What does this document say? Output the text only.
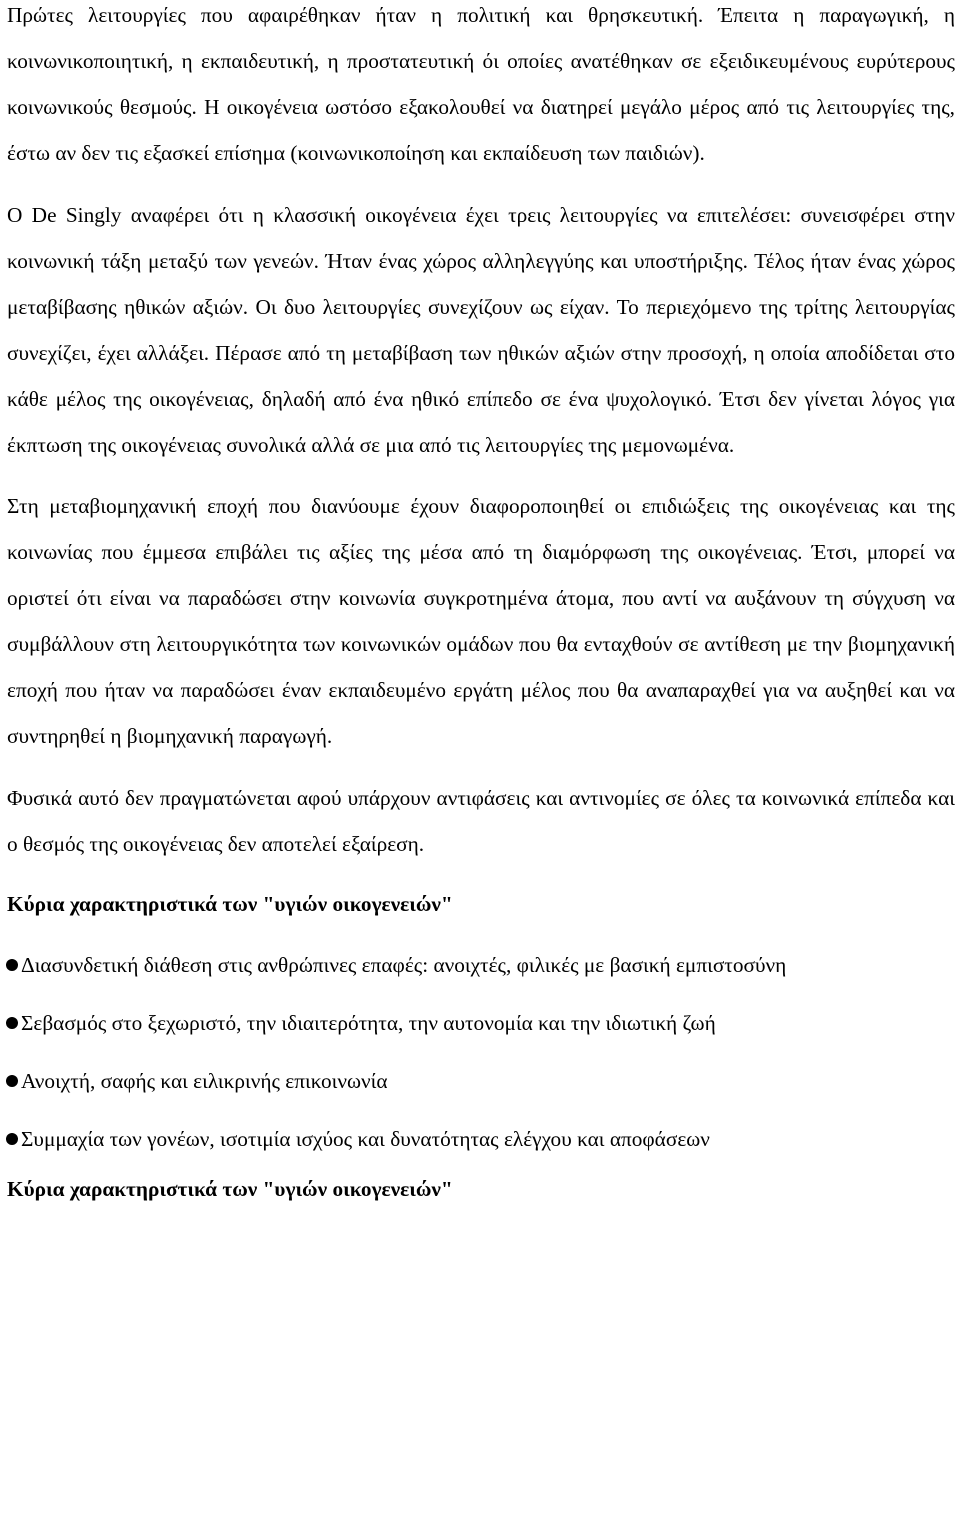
Πρώτες λειτουργίες που αφαιρέθηκαν ήταν η πολιτική και θρησκευτική. Έπειτα η παραγωγική, η κοινωνικοποιητική, η εκπαιδευτική, η προστατευτική όι οποίες ανατέθηκαν σε εξειδικευμένους ευρύτερους κοινωνικούς θεσμούς. Η οικογένεια ωστόσο εξακολουθεί να διατηρεί μεγάλο μέρος από τις λειτουργίες της, έστω αν δεν τις εξασκεί επίσημα (κοινωνικοποίηση και εκπαίδευση των παιδιών).

Ο De Singly αναφέρει ότι η κλασσική οικογένεια έχει τρεις λειτουργίες να επιτελέσει: συνεισφέρει στην κοινωνική τάξη μεταξύ των γενεών. Ήταν ένας χώρος αλληλεγγύης και υποστήριξης. Τέλος ήταν ένας χώρος μεταβίβασης ηθικών αξιών. Οι δυο λειτουργίες συνεχίζουν ως είχαν. Το περιεχόμενο της τρίτης λειτουργίας συνεχίζει, έχει αλλάξει. Πέρασε από τη μεταβίβαση των ηθικών αξιών στην προσοχή, η οποία αποδίδεται στο κάθε μέλος της οικογένειας, δηλαδή από ένα ηθικό επίπεδο σε ένα ψυχολογικό. Έτσι δεν γίνεται λόγος για έκπτωση της οικογένειας συνολικά αλλά σε μια από τις λειτουργίες της μεμονωμένα.

Στη μεταβιομηχανική εποχή που διανύουμε έχουν διαφοροποιηθεί οι επιδιώξεις της οικογένειας και της κοινωνίας που έμμεσα επιβάλει τις αξίες της μέσα από τη διαμόρφωση της οικογένειας. Έτσι, μπορεί να οριστεί ότι είναι να παραδώσει στην κοινωνία συγκροτημένα άτομα, που αντί να αυξάνουν τη σύγχυση να συμβάλλουν στη λειτουργικότητα των κοινωνικών ομάδων που θα ενταχθούν σε αντίθεση με την βιομηχανική εποχή που ήταν να παραδώσει έναν εκπαιδευμένο εργάτη μέλος που θα αναπαραχθεί για να αυξηθεί και να συντηρηθεί η βιομηχανική παραγωγή.

Φυσικά αυτό δεν πραγματώνεται αφού υπάρχουν αντιφάσεις και αντινομίες σε όλες τα κοινωνικά επίπεδα και ο θεσμός της οικογένειας δεν αποτελεί εξαίρεση.

Κύρια χαρακτηριστικά των "υγιών οικογενειών"
Διασυνδετική διάθεση στις ανθρώπινες επαφές: ανοιχτές, φιλικές με βασική εμπιστοσύνη
Σεβασμός στο ξεχωριστό, την ιδιαιτερότητα, την αυτονομία και την ιδιωτική ζωή
Ανοιχτή, σαφής και ειλικρινής επικοινωνία
Συμμαχία των γονέων, ισοτιμία ισχύος και δυνατότητας ελέγχου και αποφάσεων
Κύρια χαρακτηριστικά των "υγιών οικογενειών"
